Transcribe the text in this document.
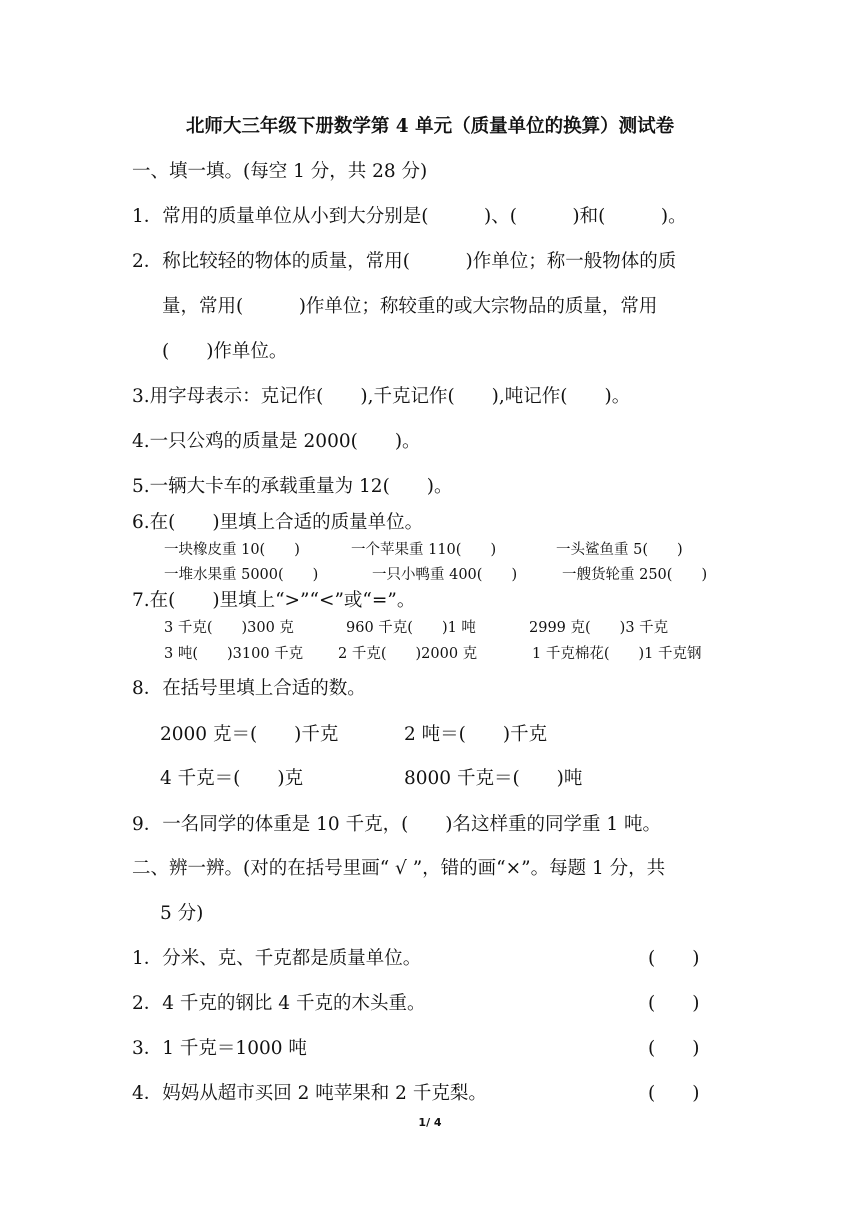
北师大三年级下册数学第 4 单元（质量单位的换算）测试卷
一、填一填。(每空 1 分，共 28 分)
1．常用的质量单位从小到大分别是(　　　)、(　　　)和(　　　)。
2．称比较轻的物体的质量，常用(　　　)作单位；称一般物体的质
量，常用(　　　)作单位；称较重的或大宗物品的质量，常用
(　　)作单位。
3.用字母表示：克记作(　　),千克记作(　　),吨记作(　　)。
4.一只公鸡的质量是 2000(　　)。
5.一辆大卡车的承载重量为 12(　　)。
6.在(　　)里填上合适的质量单位。
一块橡皮重 10(　　)	一个苹果重 110(　　)	一头鲨鱼重 5(　　)
一堆水果重 5000(　　)	一只小鸭重 400(　　)	一艘货轮重 250(　　)
7.在(　　)里填上“>”“<”或“=”。
3 千克(　　)300 克	960 千克(　　)1 吨	2999 克(　　)3 千克
3 吨(　　)3100 千克 2 千克(　　)2000 克	1 千克棉花(　　)1 千克钢
8．在括号里填上合适的数。
2000 克＝(　　)千克	2 吨＝(　　)千克
4 千克＝(　　)克	8000 千克＝(　　)吨
9．一名同学的体重是 10 千克，(　　)名这样重的同学重 1 吨。
二、辨一辨。(对的在括号里画“ √ ”，错的画“×”。每题 1 分，共
5 分)
1．分米、克、千克都是质量单位。	(　　)
2．4 千克的钢比 4 千克的木头重。	(　　)
3．1 千克＝1000 吨	(　　)
4．妈妈从超市买回 2 吨苹果和 2 千克梨。	(　　)
1/ 4
